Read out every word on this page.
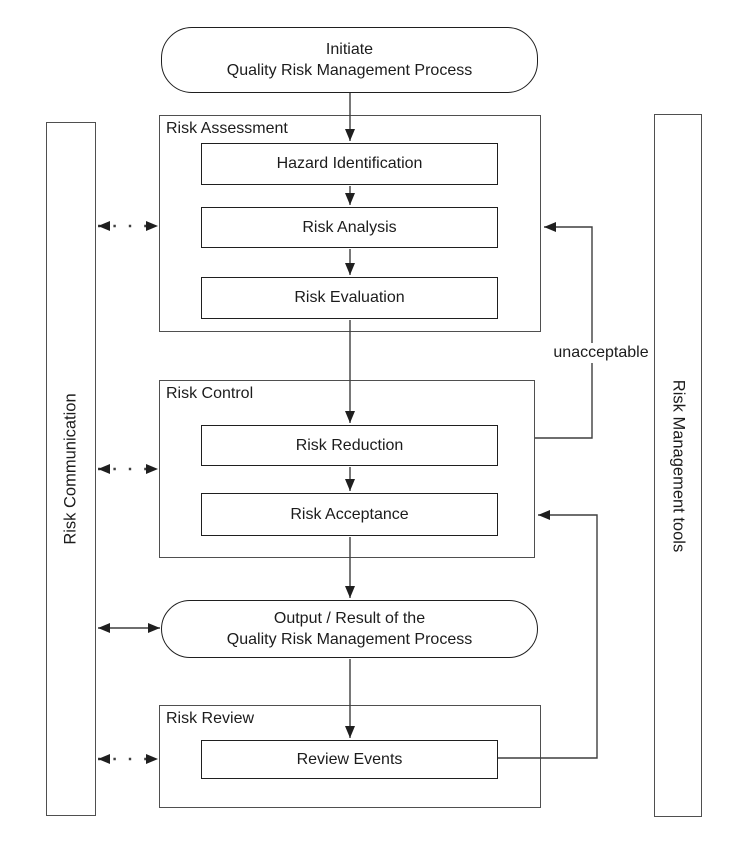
Risk Communication	Risk Management tools
Risk Assessment
Risk Control
Risk Review
Initiate
Quality Risk Management Process
Output / Result of the
Quality Risk Management Process
Hazard Identification
Risk Analysis
Risk Evaluation
Risk Reduction
Risk Acceptance
Review Events
unacceptable
